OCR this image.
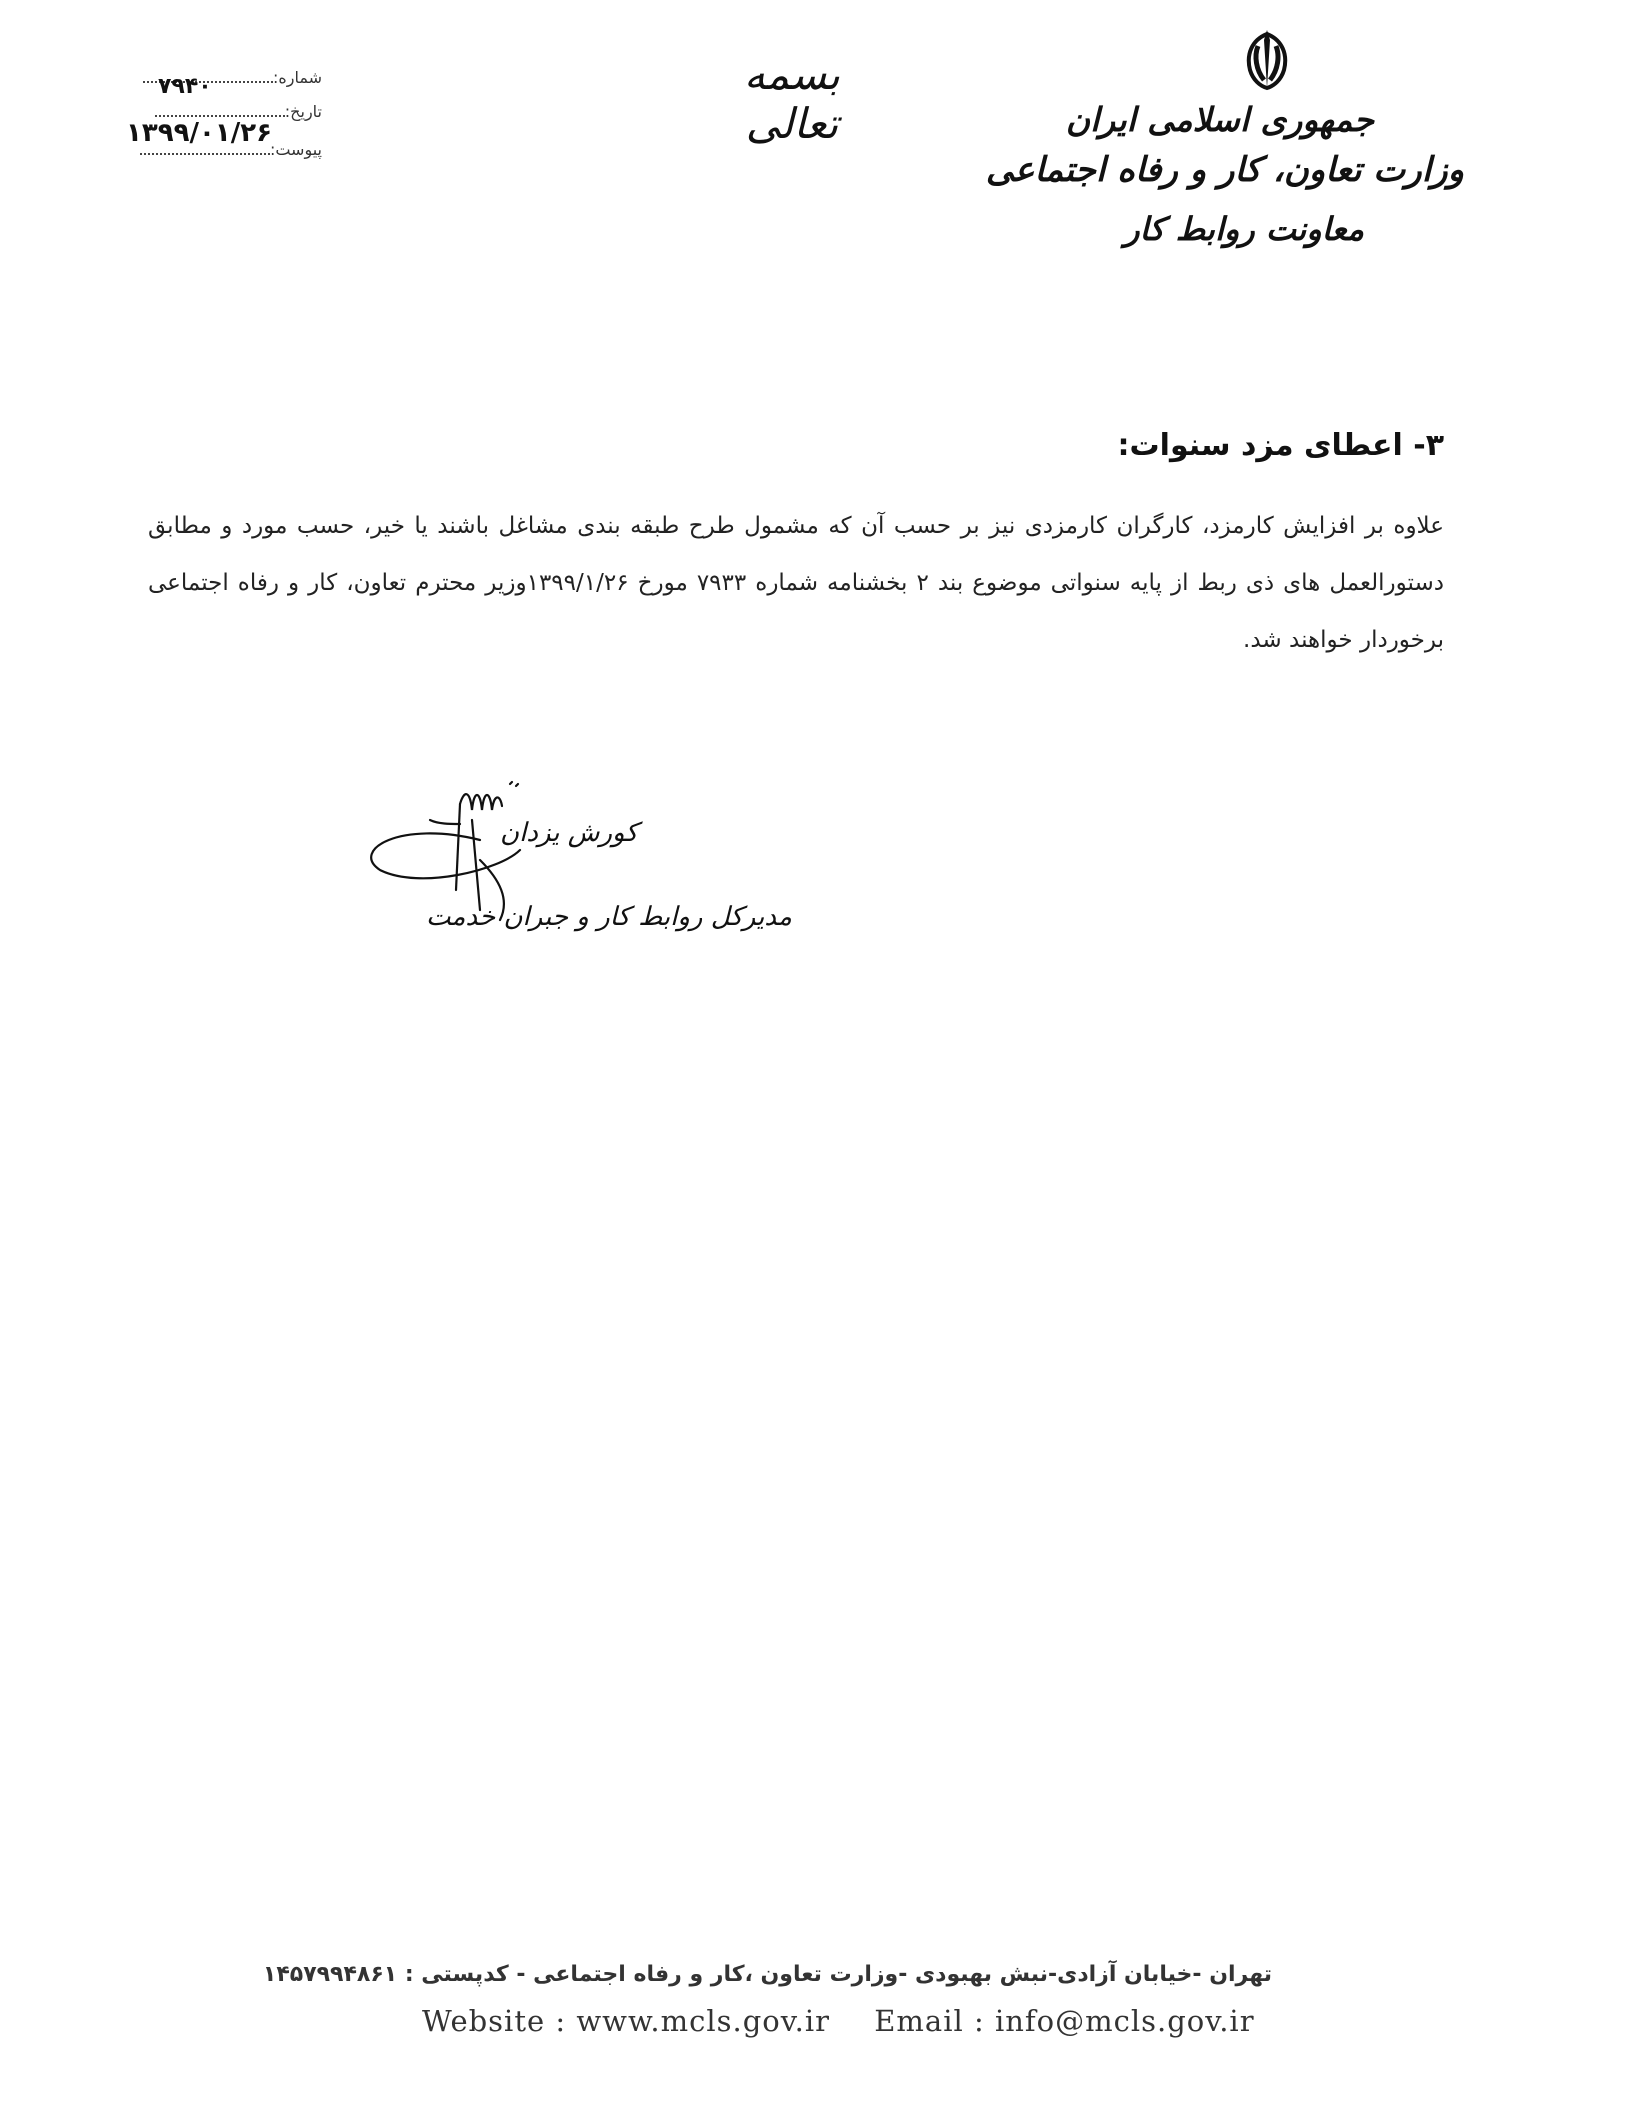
جمهوری اسلامی ایران
وزارت تعاون، کار و رفاه اجتماعی
معاونت روابط کار
بسمه تعالی
شماره:
۷۹۴۰
تاریخ:
۱۳۹۹/۰۱/۲۶
پیوست:
۳- اعطای مزد سنوات:
علاوه بر افزایش کارمزد، کارگران کارمزدی نیز بر حسب آن که مشمول طرح طبقه بندی مشاغل باشند یا خیر، حسب مورد و مطابق دستورالعمل های ذی ربط از پایه سنواتی موضوع بند ۲ بخشنامه شماره ۷۹۳۳ مورخ ۱۳۹۹/۱/۲۶وزیر محترم تعاون، کار و رفاه اجتماعی برخوردار خواهند شد.
کورش یزدان
مدیرکل روابط کار و جبران خدمت
تهران -خیابان آزادی-نبش بهبودی -وزارت تعاون ،کار و رفاه اجتماعی - کدپستی : ۱۴۵۷۹۹۴۸۶۱
Website : www.mcls.gov.ir Email : info@mcls.gov.ir
